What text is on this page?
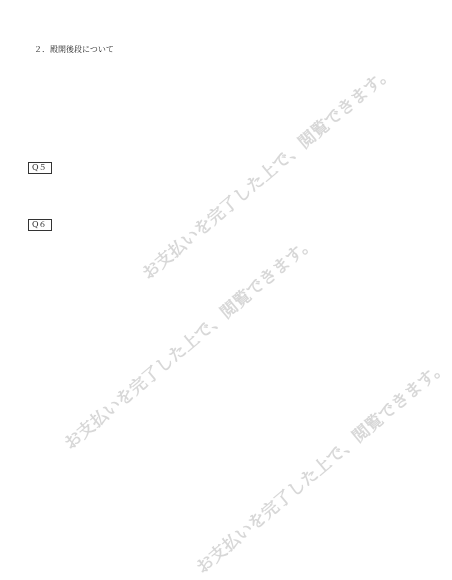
２．殿開後段について

Q５
Q６	お支払いを完了した上で、閲覧できます。
お支払いを完了した上で、閲覧できます。
お支払いを完了した上で、閲覧できます。
